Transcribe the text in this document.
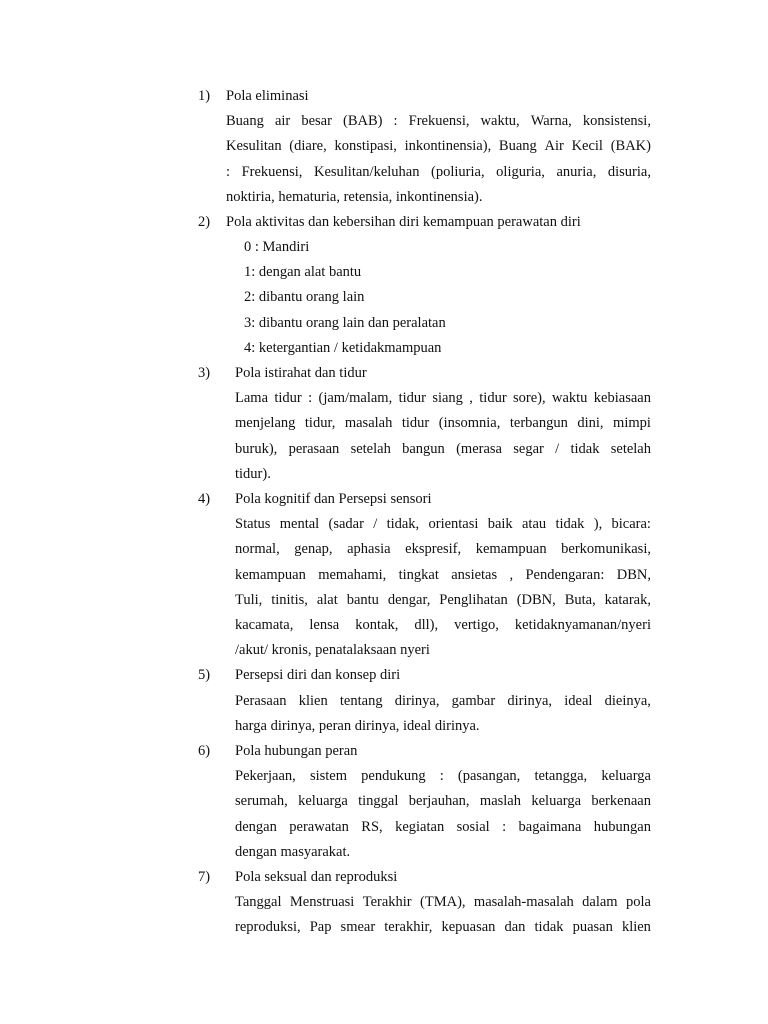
1) Pola eliminasi
Buang air besar (BAB) : Frekuensi, waktu, Warna, konsistensi,
Kesulitan (diare, konstipasi, inkontinensia), Buang Air Kecil (BAK)
: Frekuensi, Kesulitan/keluhan (poliuria, oliguria, anuria, disuria,
noktiria, hematuria, retensia, inkontinensia).
2) Pola aktivitas dan kebersihan diri kemampuan perawatan diri
0 : Mandiri
1: dengan alat bantu
2: dibantu orang lain
3: dibantu orang lain dan peralatan
4: ketergantian / ketidakmampuan
3) Pola istirahat dan tidur
Lama tidur : (jam/malam, tidur siang , tidur sore), waktu kebiasaan
menjelang tidur, masalah tidur (insomnia, terbangun dini, mimpi
buruk), perasaan setelah bangun (merasa segar / tidak setelah
tidur).
4) Pola kognitif dan Persepsi sensori
Status mental (sadar / tidak, orientasi baik atau tidak ), bicara:
normal, genap, aphasia ekspresif, kemampuan berkomunikasi,
kemampuan memahami, tingkat ansietas , Pendengaran: DBN,
Tuli, tinitis, alat bantu dengar, Penglihatan (DBN, Buta, katarak,
kacamata, lensa kontak, dll), vertigo, ketidaknyamanan/nyeri
/akut/ kronis, penatalaksaan nyeri
5) Persepsi diri dan konsep diri
Perasaan klien tentang dirinya, gambar dirinya, ideal dieinya,
harga dirinya, peran dirinya, ideal dirinya.
6) Pola hubungan peran
Pekerjaan, sistem pendukung : (pasangan, tetangga, keluarga
serumah, keluarga tinggal berjauhan, maslah keluarga berkenaan
dengan perawatan RS, kegiatan sosial : bagaimana hubungan
dengan masyarakat.
7) Pola seksual dan reproduksi
Tanggal Menstruasi Terakhir (TMA), masalah-masalah dalam pola
reproduksi, Pap smear terakhir, kepuasan dan tidak puasan klien
